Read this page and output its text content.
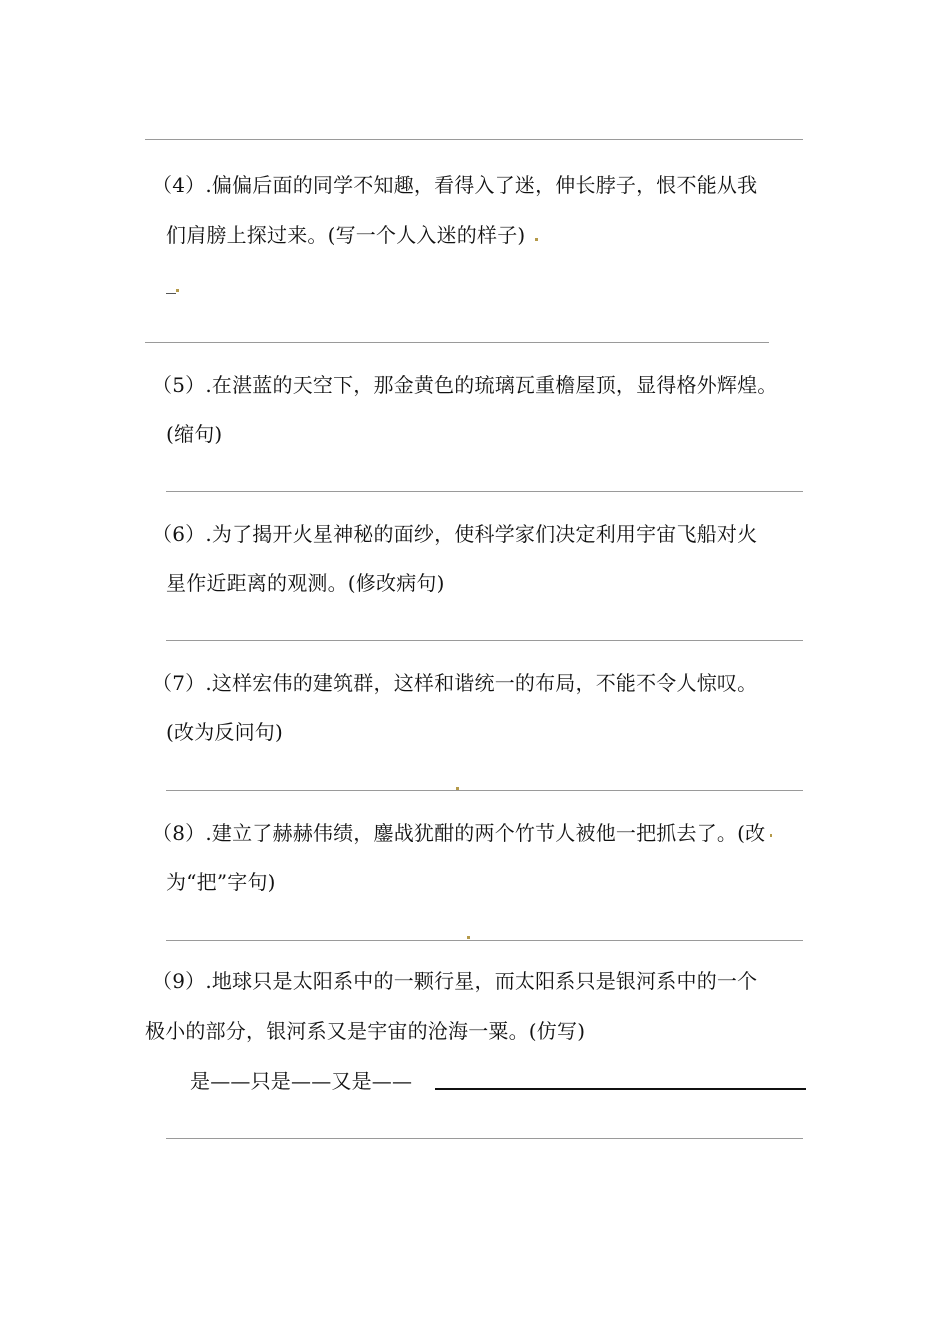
（4）.偏偏后面的同学不知趣，看得入了迷，伸长脖子，恨不能从我
们肩膀上探过来。(写一个人入迷的样子)
（5）.在湛蓝的天空下，那金黄色的琉璃瓦重檐屋顶，显得格外辉煌。
(缩句)
（6）.为了揭开火星神秘的面纱，使科学家们决定利用宇宙飞船对火
星作近距离的观测。(修改病句)
（7）.这样宏伟的建筑群，这样和谐统一的布局，不能不令人惊叹。
(改为反问句)
（8）.建立了赫赫伟绩，鏖战犹酣的两个竹节人被他一把抓去了。(改
为“把”字句)
（9）.地球只是太阳系中的一颗行星，而太阳系只是银河系中的一个
极小的部分，银河系又是宇宙的沧海一粟。(仿写)
是——只是——又是——
